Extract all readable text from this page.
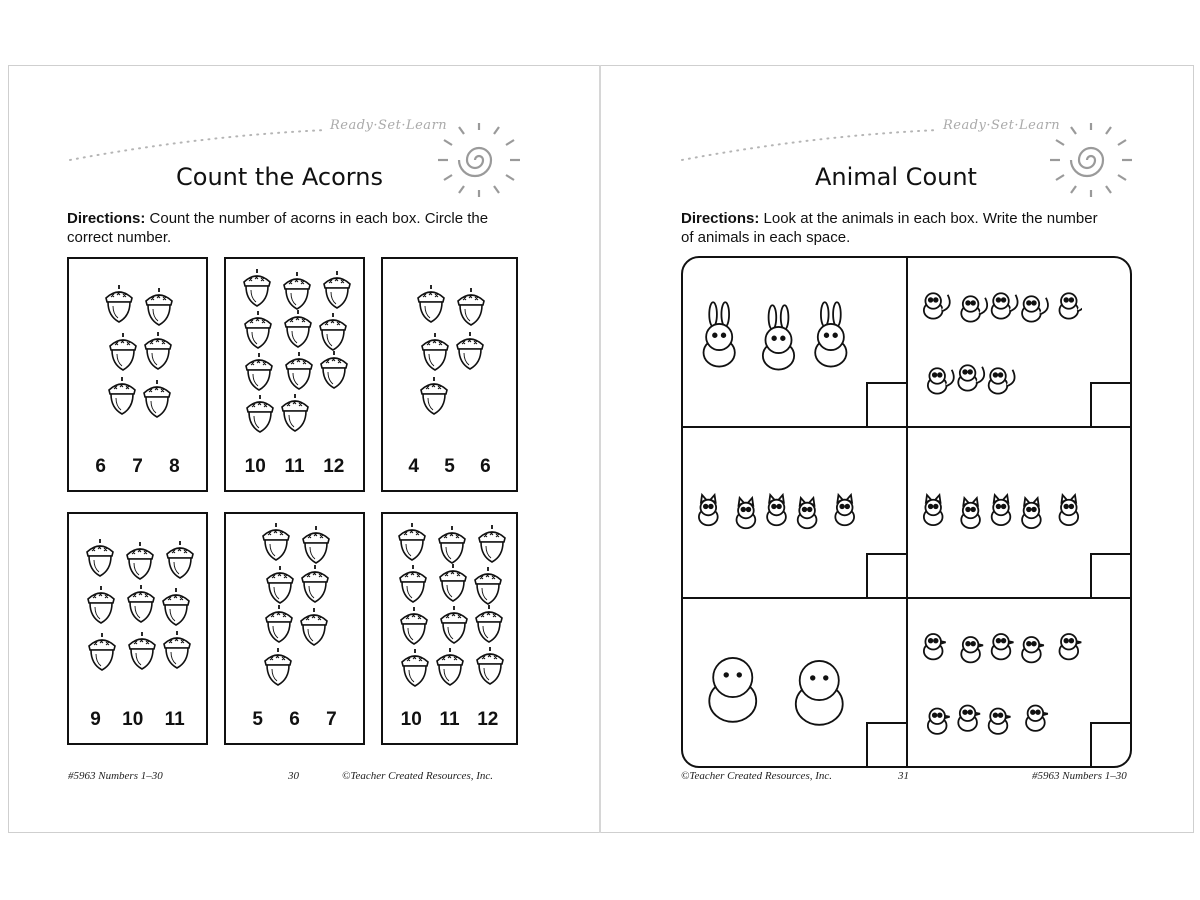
Ready·Set·Learn
Count the Acorns
Directions: Count the number of acorns in each box. Circle the correct number.
6 7 8	10 11 12	4 5 6
9 10 11	5 6 7	10 11 12
#5963 Numbers 1–30	30	©Teacher Created Resources, Inc.
Ready·Set·Learn
Animal Count
Directions: Look at the animals in each box. Write the number of animals in each space.
©Teacher Created Resources, Inc.	31	#5963 Numbers 1–30
